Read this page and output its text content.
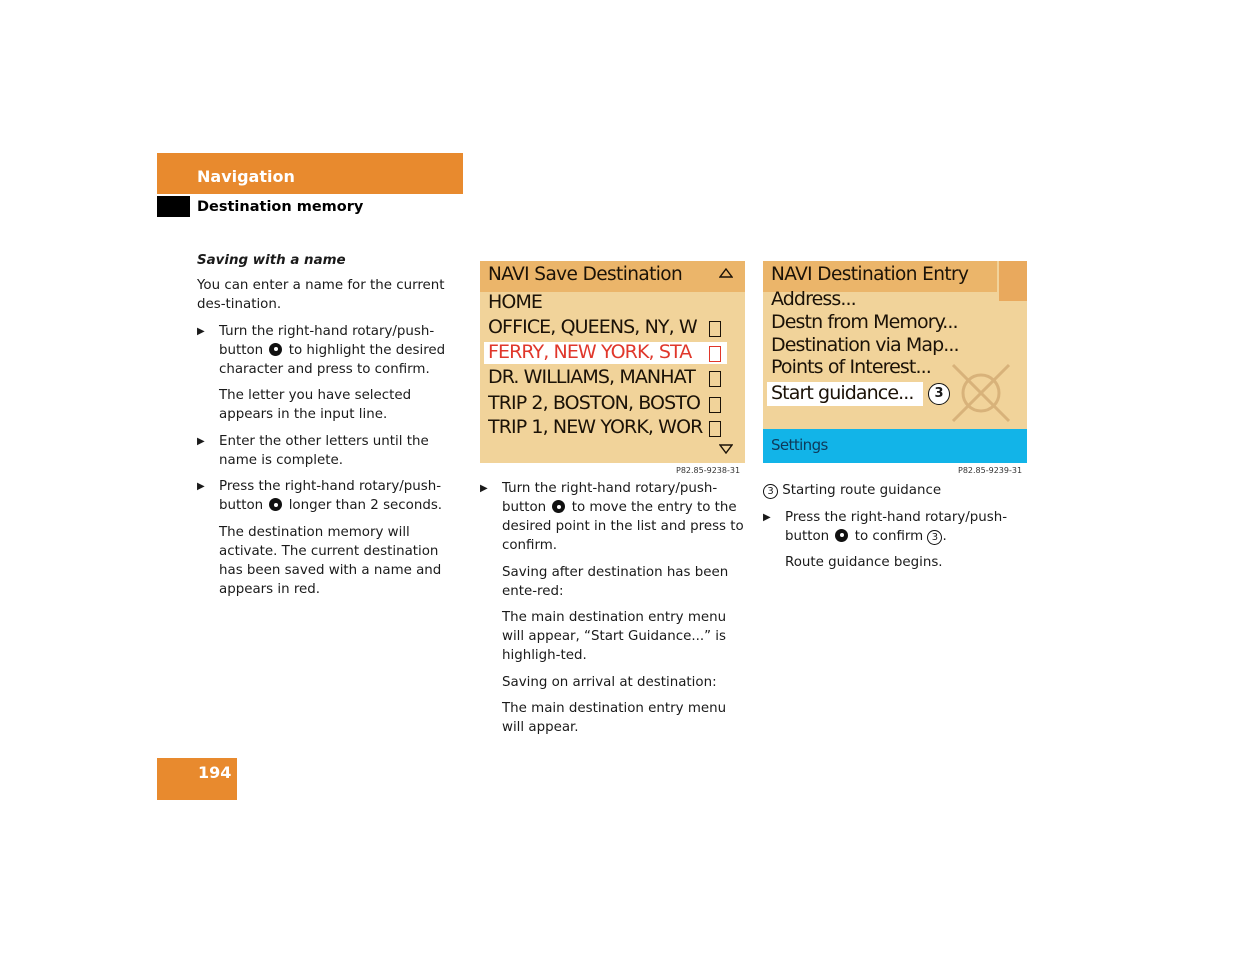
Navigation
Destination memory

Saving with a name

You can enter a name for the current des-tination.

▶ Turn the right-hand rotary/push-button to highlight the desired character and press to confirm.

The letter you have selected appears in the input line.

▶ Enter the other letters until the name is complete.

▶ Press the right-hand rotary/push-button longer than 2 seconds.

The destination memory will activate. The current destination has been saved with a name and appears in red.

NAVI Save Destination
HOME
OFFICE, QUEENS, NY, W
FERRY, NEW YORK, STA
DR. WILLIAMS, MANHAT
TRIP 2, BOSTON, BOSTO
TRIP 1, NEW YORK, WOR
P82.85-9238-31

▶ Turn the right-hand rotary/push-button to move the entry to the desired point in the list and press to confirm.

Saving after destination has been ente-red:

The main destination entry menu will appear, “Start Guidance...” is highligh-ted.

Saving on arrival at destination:

The main destination entry menu will appear.

NAVI Destination Entry
Address...
Destn from Memory...
Destination via Map...
Points of Interest...
Start guidance...	3
Settings
P82.85-9239-31

3 Starting route guidance

▶ Press the right-hand rotary/push-button to confirm 3 .

Route guidance begins.

194
